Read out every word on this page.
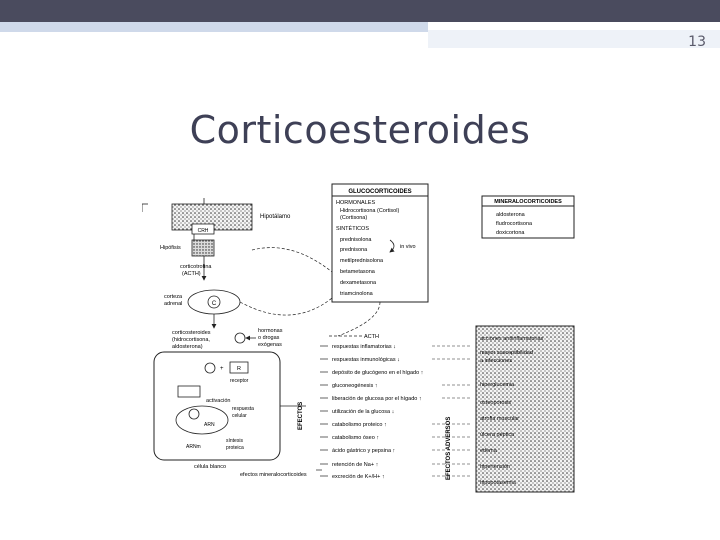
13
Corticoesteroides
GLUCOCORTICOIDES
HORMONALES
Hidrocortisona (Cortisol)
(Cortisona)
SINTÉTICOS
prednisolona
prednisona
metilprednisolona
betametasona
dexametasona
triamcinolona
in vivo
MINERALOCORTICOIDES
aldosterona
fludrocortisona
doxicortona
Hipotálamo
CRH
Hipófisis
corticotrofina
(ACTH)
C
corteza
adrenal
corticosteroides
(hidrocortisona,
aldosterona)
hormonas
o drogas
exógenas
+ R
receptor
activación
ARN
respuesta
celular
ARNm
síntesis
proteica
célula blanco
ACTH
EFECTOS
respuestas inflamatorias ↓
respuestas inmunológicas ↓
depósito de glucógeno en el hígado ↑
gluconeogénesis ↑
liberación de glucosa por el hígado ↑
utilización de la glucosa ↓
catabolismo proteico ↑
catabolismo óseo ↑
ácido gástrico y pepsina ↑
retención de Na+ ↑
excreción de K+/H+ ↑
efectos mineralocorticoides	EFECTOS ADVERSOS
acciones antiinflamatorias
mayor susceptibilidad
a infecciones
hiperglucemia
osteoporosis
atrofia muscular
úlcera péptica
edema
hipertensión
hipopotasemia
